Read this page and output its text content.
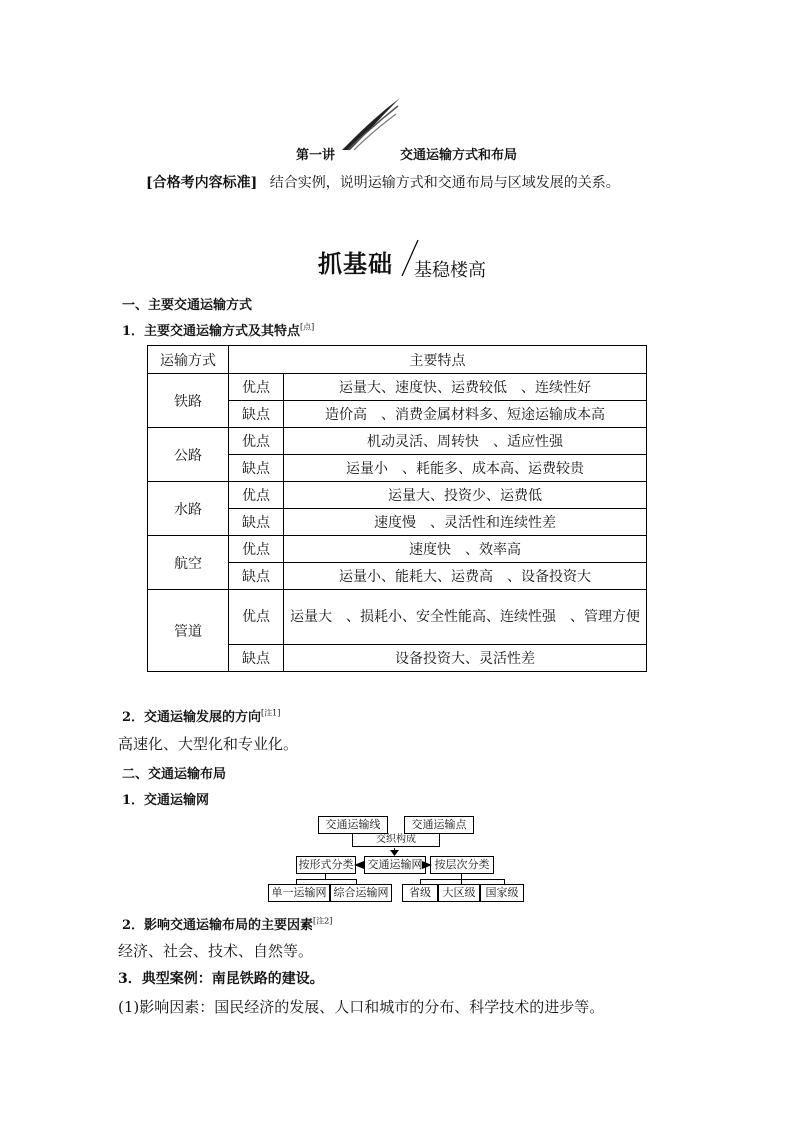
第一讲	交通运输方式和布局
[合格考内容标准] 结合实例，说明运输方式和交通布局与区域发展的关系。
抓基础 基稳楼高
一、主要交通运输方式
1．主要交通运输方式及其特点[点]
运输方式	主要特点	
铁路	优点	运量大、速度快、运费较低　、连续性好
	缺点	造价高　、消费金属材料多、短途运输成本高
公路	优点	机动灵活、周转快　、适应性强
	缺点	运量小　、耗能多、成本高、运费较贵
水路	优点	运量大、投资少、运费低
	缺点	速度慢　、灵活性和连续性差
航空	优点	速度快　、效率高
	缺点	运量小、能耗大、运费高　、设备投资大
管道	优点	运量大　、损耗小、安全性能高、连续性强　、管理方便
	缺点	设备投资大、灵活性差
2．交通运输发展的方向[注1]
高速化、大型化和专业化。
二、交通运输布局
1．交通运输网
交通运输线	交通运输点
交织构成
按形式分类	交通运输网	按层次分类
单一运输网 综合运输网	省级	大区级 国家级
2．影响交通运输布局的主要因素[注2]
经济、社会、技术、自然等。
3．典型案例：南昆铁路的建设。
(1)影响因素：国民经济的发展、人口和城市的分布、科学技术的进步等。
